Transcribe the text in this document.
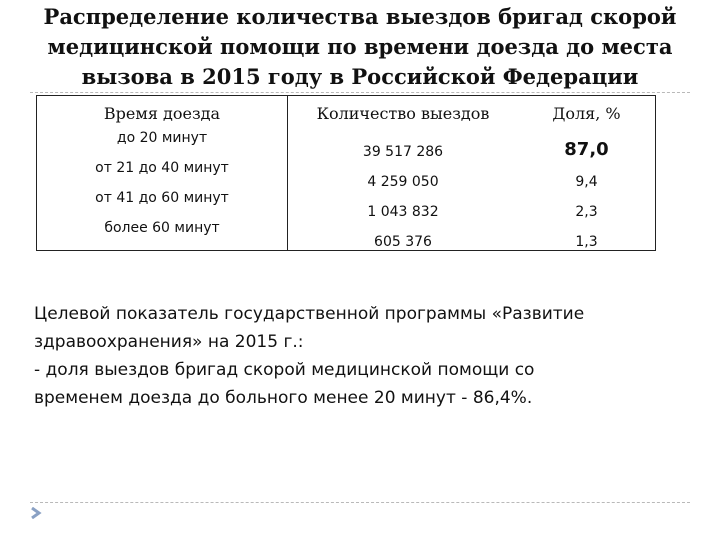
Распределение количества выездов бригад скорой
медицинской помощи по времени доезда до места
вызова в 2015 году в Российской Федерации
Время доезда	Количество выездов	Доля, %
до 20 минут	39 517 286	87,0
от 21 до 40 минут	4 259 050	9,4
от 41 до 60 минут	1 043 832	2,3
более 60 минут	605 376	1,3
Целевой показатель государственной программы «Развитие
здравоохранения» на 2015 г.:
- доля выездов бригад скорой медицинской помощи со
временем доезда до больного менее 20 минут - 86,4%.
